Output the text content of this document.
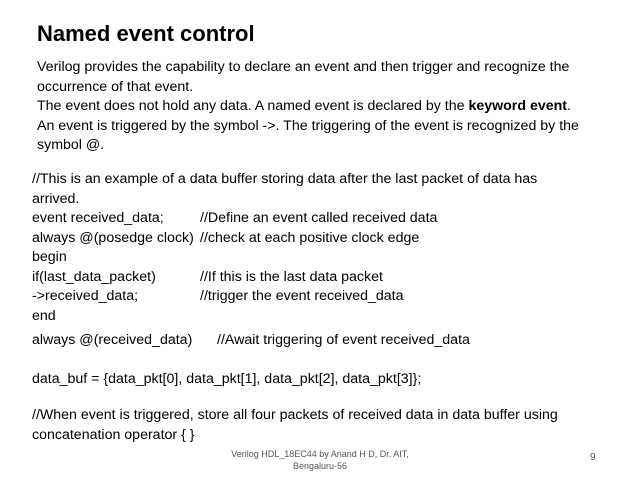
Named event control

Verilog provides the capability to declare an event and then trigger and recognize the occurrence of that event.

The event does not hold any data. A named event is declared by the keyword event.

An event is triggered by the symbol ->. The triggering of the event is recognized by the symbol @.

//This is an example of a data buffer storing data after the last packet of data has
arrived.
event received_data;	//Define an event called received data
always @(posedge clock) //check at each positive clock edge
begin
if(last_data_packet)	//If this is the last data packet
->received_data;	//trigger the event received_data
end
always @(received_data) //Await triggering of event received_data
data_buf = {data_pkt[0], data_pkt[1], data_pkt[2], data_pkt[3]};
//When event is triggered, store all four packets of received data in data buffer using
concatenation operator { }
Verilog HDL_18EC44 by Anand H D, Dr. AIT,
Bengaluru-56
9
